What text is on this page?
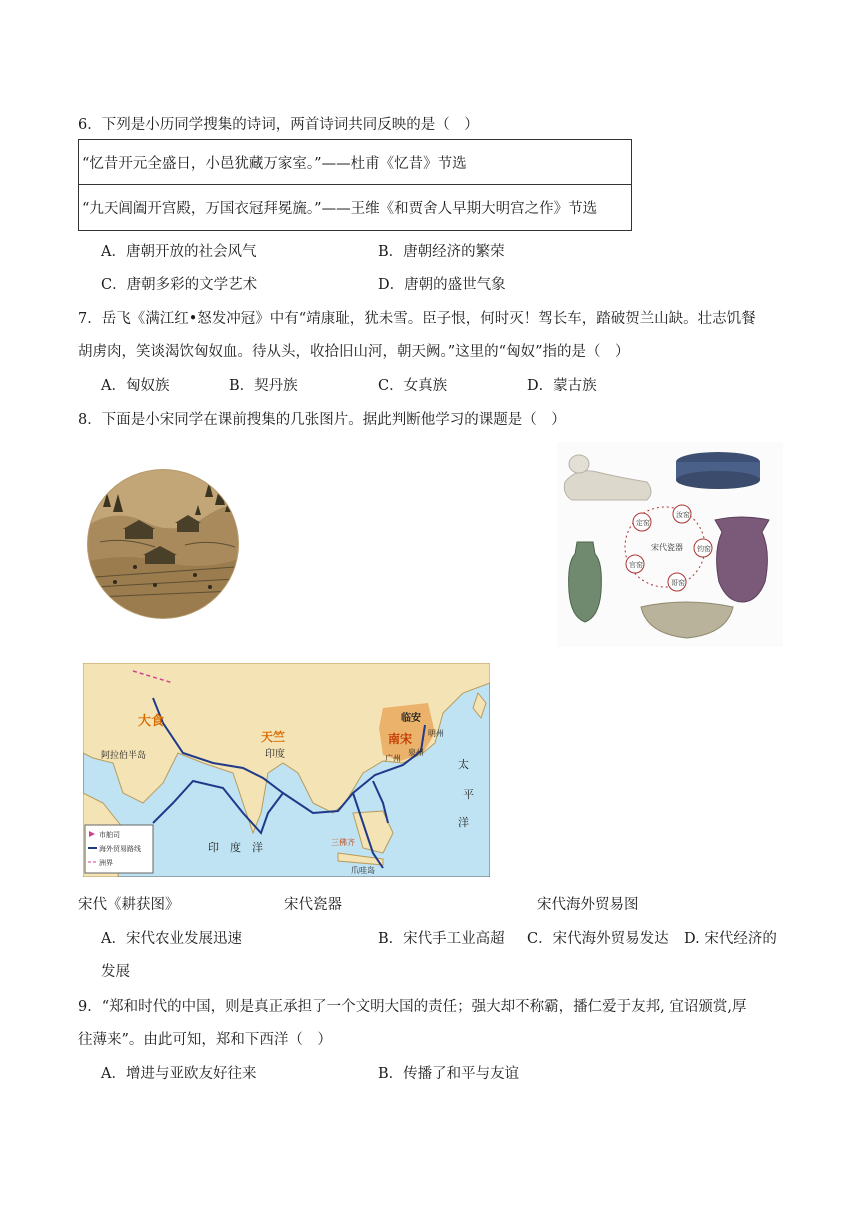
6．下列是小历同学搜集的诗词，两首诗词共同反映的是（　）
“忆昔开元全盛日，小邑犹藏万家室。”——杜甫《忆昔》节选
“九天阊阖开宫殿，万国衣冠拜冕旒。”——王维《和贾舍人早期大明宫之作》节选
A．唐朝开放的社会风气	B．唐朝经济的繁荣
C．唐朝多彩的文学艺术	D．唐朝的盛世气象
7．岳飞《满江红•怒发冲冠》中有“靖康耻，犹未雪。臣子恨，何时灭！驾长车，踏破贺兰山缺。壮志饥餐
胡虏肉，笑谈渴饮匈奴血。待从头，收拾旧山河，朝天阙。”这里的“匈奴”指的是（　）
A．匈奴族	B．契丹族	C．女真族	D．蒙古族
8．下面是小宋同学在课前搜集的几张图片。据此判断他学习的课题是（　）
定窑
汝窑
钧窑
哥窑
官窑
宋代瓷器
临安
明州
泉州
广州
南宋
大食
天竺
印度
阿拉伯半岛
印　度　洋
太
平
洋
三佛齐
爪哇岛
市舶司
海外贸易路线
洲界
宋代《耕获图》	宋代瓷器	宋代海外贸易图
A．宋代农业发展迅速	B．宋代手工业高超 C．宋代海外贸易发达 D. 宋代经济的
发展
9．“郑和时代的中国，则是真正承担了一个文明大国的责任；强大却不称霸，播仁爱于友邦, 宜诏颁赏,厚
往薄来”。由此可知，郑和下西洋（　）
A．增进与亚欧友好往来	B．传播了和平与友谊
